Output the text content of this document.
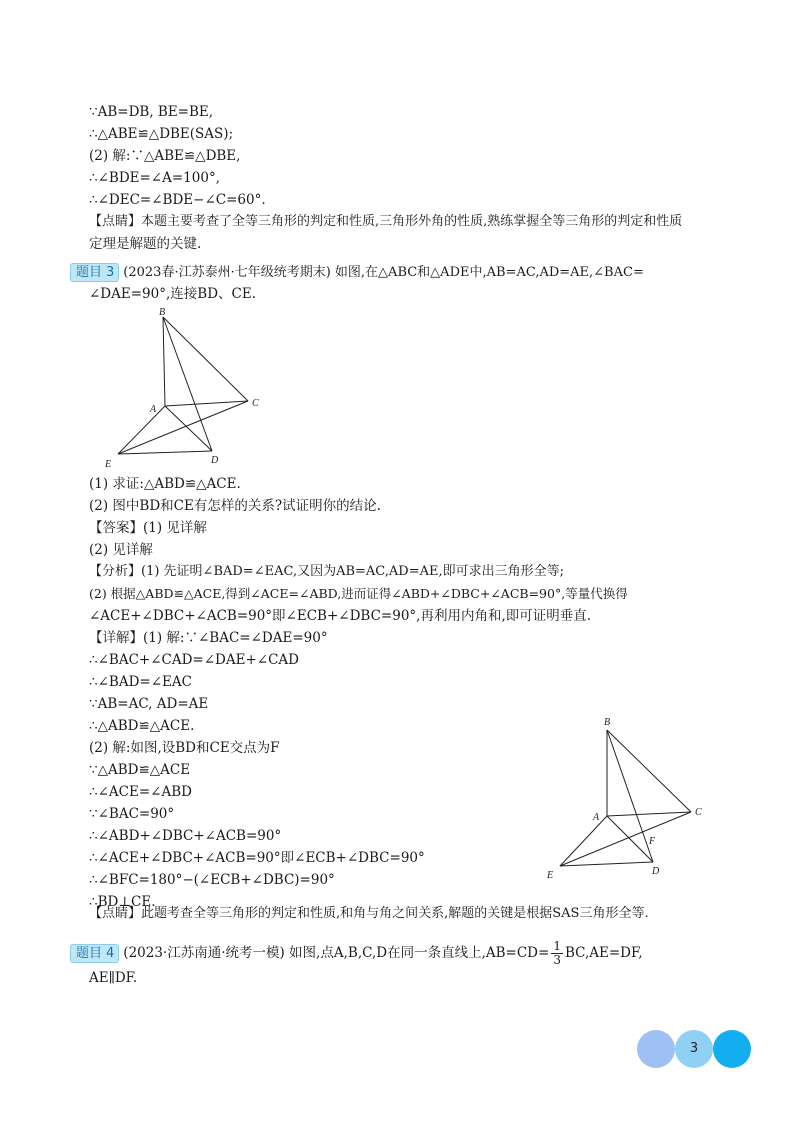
∵AB=DB, BE=BE,
∴△ABE≌△DBE(SAS);
(2) 解:∵△ABE≌△DBE,
∴∠BDE=∠A=100°,
∴∠DEC=∠BDE−∠C=60°.
【点睛】本题主要考查了全等三角形的判定和性质,三角形外角的性质,熟练掌握全等三角形的判定和性质
定理是解题的关键.
题目 3 (2023春·江苏泰州·七年级统考期末) 如图,在△ABC和△ADE中,AB=AC,AD=AE,∠BAC=
∠DAE=90°,连接BD、CE.
B
A
C
E	D
(1) 求证:△ABD≌△ACE.
(2) 图中BD和CE有怎样的关系?试证明你的结论.
【答案】(1) 见详解
(2) 见详解
【分析】(1) 先证明∠BAD=∠EAC,又因为AB=AC,AD=AE,即可求出三角形全等;
(2) 根据△ABD≌△ACE,得到∠ACE=∠ABD,进而证得∠ABD+∠DBC+∠ACB=90°,等量代换得
∠ACE+∠DBC+∠ACB=90°即∠ECB+∠DBC=90°,再利用内角和,即可证明垂直.
【详解】(1) 解:∵∠BAC=∠DAE=90°
∴∠BAC+∠CAD=∠DAE+∠CAD
∴∠BAD=∠EAC
∵AB=AC, AD=AE
∴△ABD≌△ACE.
(2) 解:如图,设BD和CE交点为F
∵△ABD≌△ACE
∴∠ACE=∠ABD
∵∠BAC=90°
∴∠ABD+∠DBC+∠ACB=90°
∴∠ACE+∠DBC+∠ACB=90°即∠ECB+∠DBC=90°
∴∠BFC=180°−(∠ECB+∠DBC)=90°
∴BD⊥CE.
B
A	C
F
E	D
【点睛】此题考查全等三角形的判定和性质,和角与角之间关系,解题的关键是根据SAS三角形全等.
题目 4 (2023·江苏南通·统考一模) 如图,点A,B,C,D在同一条直线上$,AB=CD= \frac{1}{3} BC,AE=DF$,
AE∥DF.
3
